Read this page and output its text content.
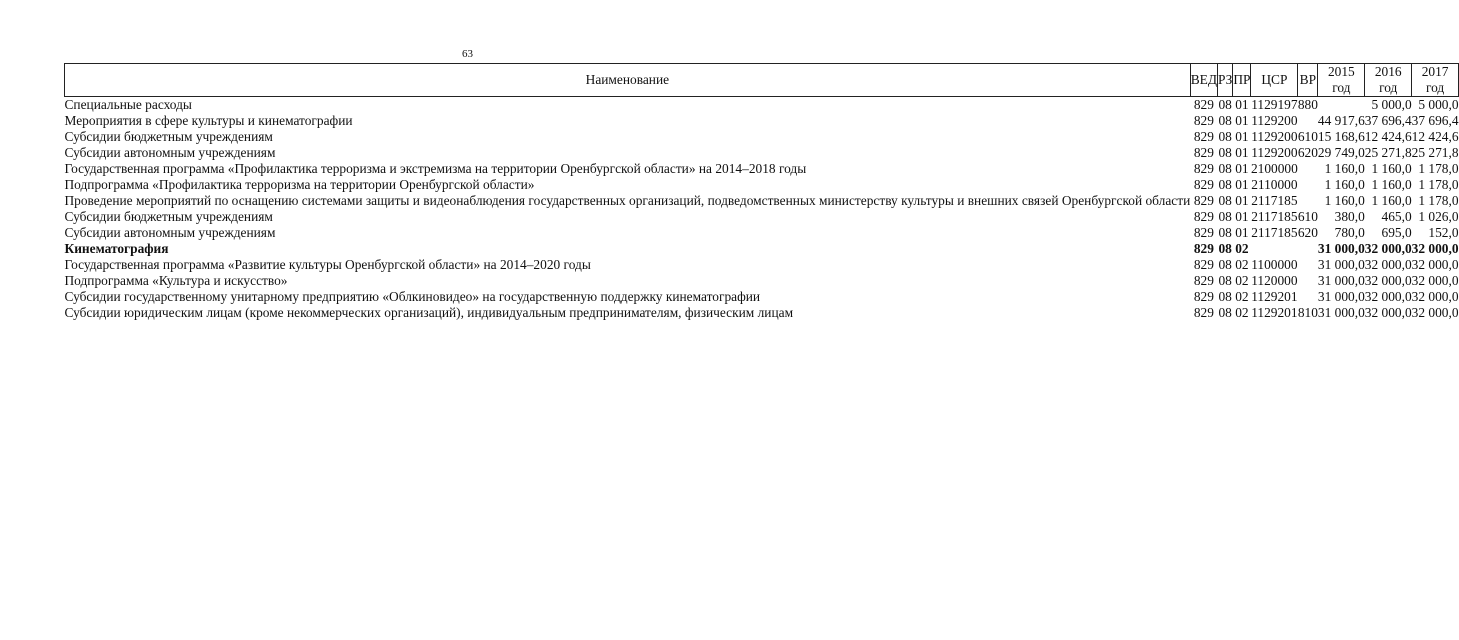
63
Наименование	ВЕД	РЗ	ПР	ЦСР	ВР	2015 год	2016 год	2017 год
Специальные расходы	829	08	01	1129197	880		5 000,0	5 000,0
Мероприятия в сфере культуры и кинематографии	829	08	01	1129200		44 917,6	37 696,4	37 696,4
Субсидии бюджетным учреждениям	829	08	01	1129200	610	15 168,6	12 424,6	12 424,6
Субсидии автономным учреждениям	829	08	01	1129200	620	29 749,0	25 271,8	25 271,8
Государственная программа «Профилактика терроризма и экстремизма на территории Оренбургской области» на 2014–2018 годы	829	08	01	2100000		1 160,0	1 160,0	1 178,0
Подпрограмма «Профилактика терроризма на территории Оренбургской области»	829	08	01	2110000		1 160,0	1 160,0	1 178,0
Проведение мероприятий по оснащению системами защиты и видеонаблюдения государственных организаций, подведомственных министерству культуры и внешних связей Оренбургской области	829	08	01	2117185		1 160,0	1 160,0	1 178,0
Субсидии бюджетным учреждениям	829	08	01	2117185	610	380,0	465,0	1 026,0
Субсидии автономным учреждениям	829	08	01	2117185	620	780,0	695,0	152,0
Кинематография	829	08	02			31 000,0	32 000,0	32 000,0
Государственная программа «Развитие культуры Оренбургской области» на 2014–2020 годы	829	08	02	1100000		31 000,0	32 000,0	32 000,0
Подпрограмма «Культура и искусство»	829	08	02	1120000		31 000,0	32 000,0	32 000,0
Субсидии государственному унитарному предприятию «Облкиновидео» на государственную поддержку кинематографии	829	08	02	1129201		31 000,0	32 000,0	32 000,0
Субсидии юридическим лицам (кроме некоммерческих организаций), индивидуальным предпринимателям, физическим лицам	829	08	02	1129201	810	31 000,0	32 000,0	32 000,0
